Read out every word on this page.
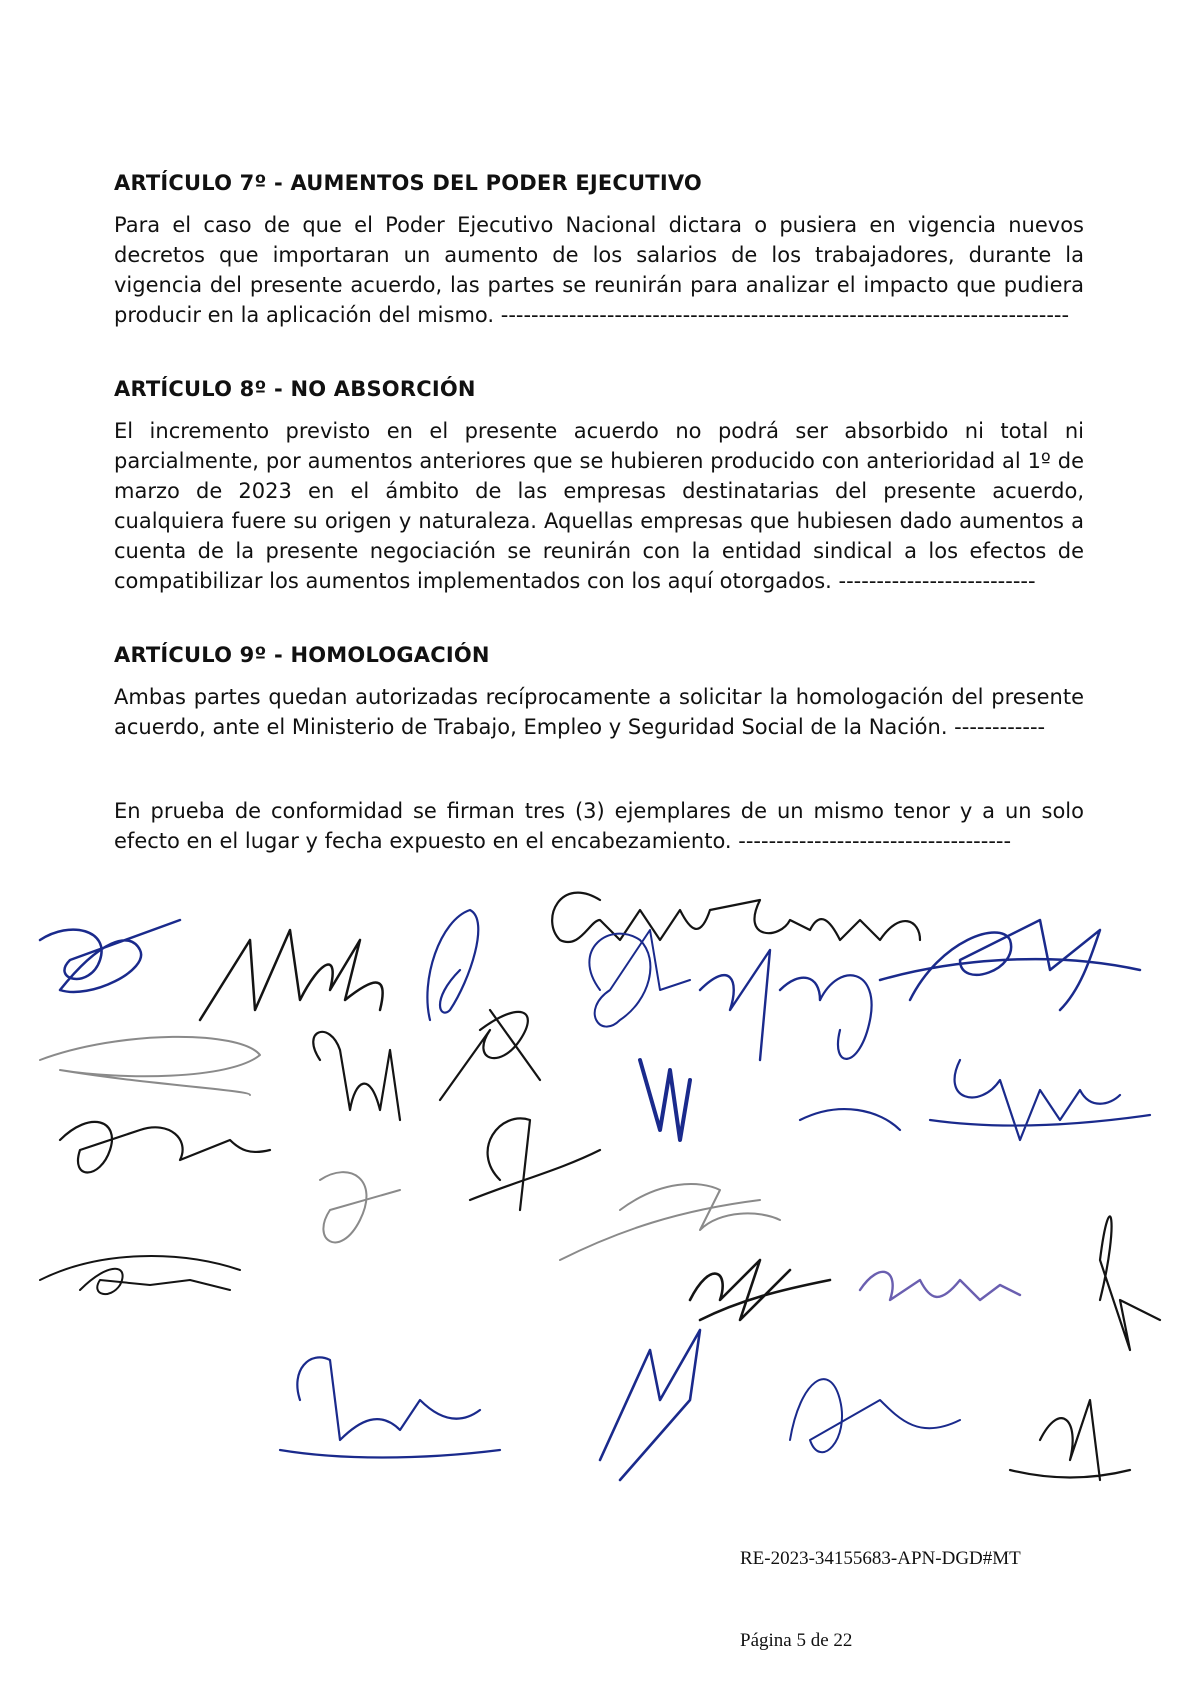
ARTÍCULO 7º - AUMENTOS DEL PODER EJECUTIVO

Para el caso de que el Poder Ejecutivo Nacional dictara o pusiera en vigencia nuevos decretos que importaran un aumento de los salarios de los trabajadores, durante la vigencia del presente acuerdo, las partes se reunirán para analizar el impacto que pudiera producir en la aplicación del mismo. ---------------------------------------------------------------------------

ARTÍCULO 8º - NO ABSORCIÓN

El incremento previsto en el presente acuerdo no podrá ser absorbido ni total ni parcialmente, por aumentos anteriores que se hubieren producido con anterioridad al 1º de marzo de 2023 en el ámbito de las empresas destinatarias del presente acuerdo, cualquiera fuere su origen y naturaleza. Aquellas empresas que hubiesen dado aumentos a cuenta de la presente negociación se reunirán con la entidad sindical a los efectos de compatibilizar los aumentos implementados con los aquí otorgados. --------------------------

ARTÍCULO 9º - HOMOLOGACIÓN

Ambas partes quedan autorizadas recíprocamente a solicitar la homologación del presente acuerdo, ante el Ministerio de Trabajo, Empleo y Seguridad Social de la Nación. ------------

En prueba de conformidad se firman tres (3) ejemplares de un mismo tenor y a un solo efecto en el lugar y fecha expuesto en el encabezamiento. ------------------------------------

RE-2023-34155683-APN-DGD#MT
Página 5 de 22
